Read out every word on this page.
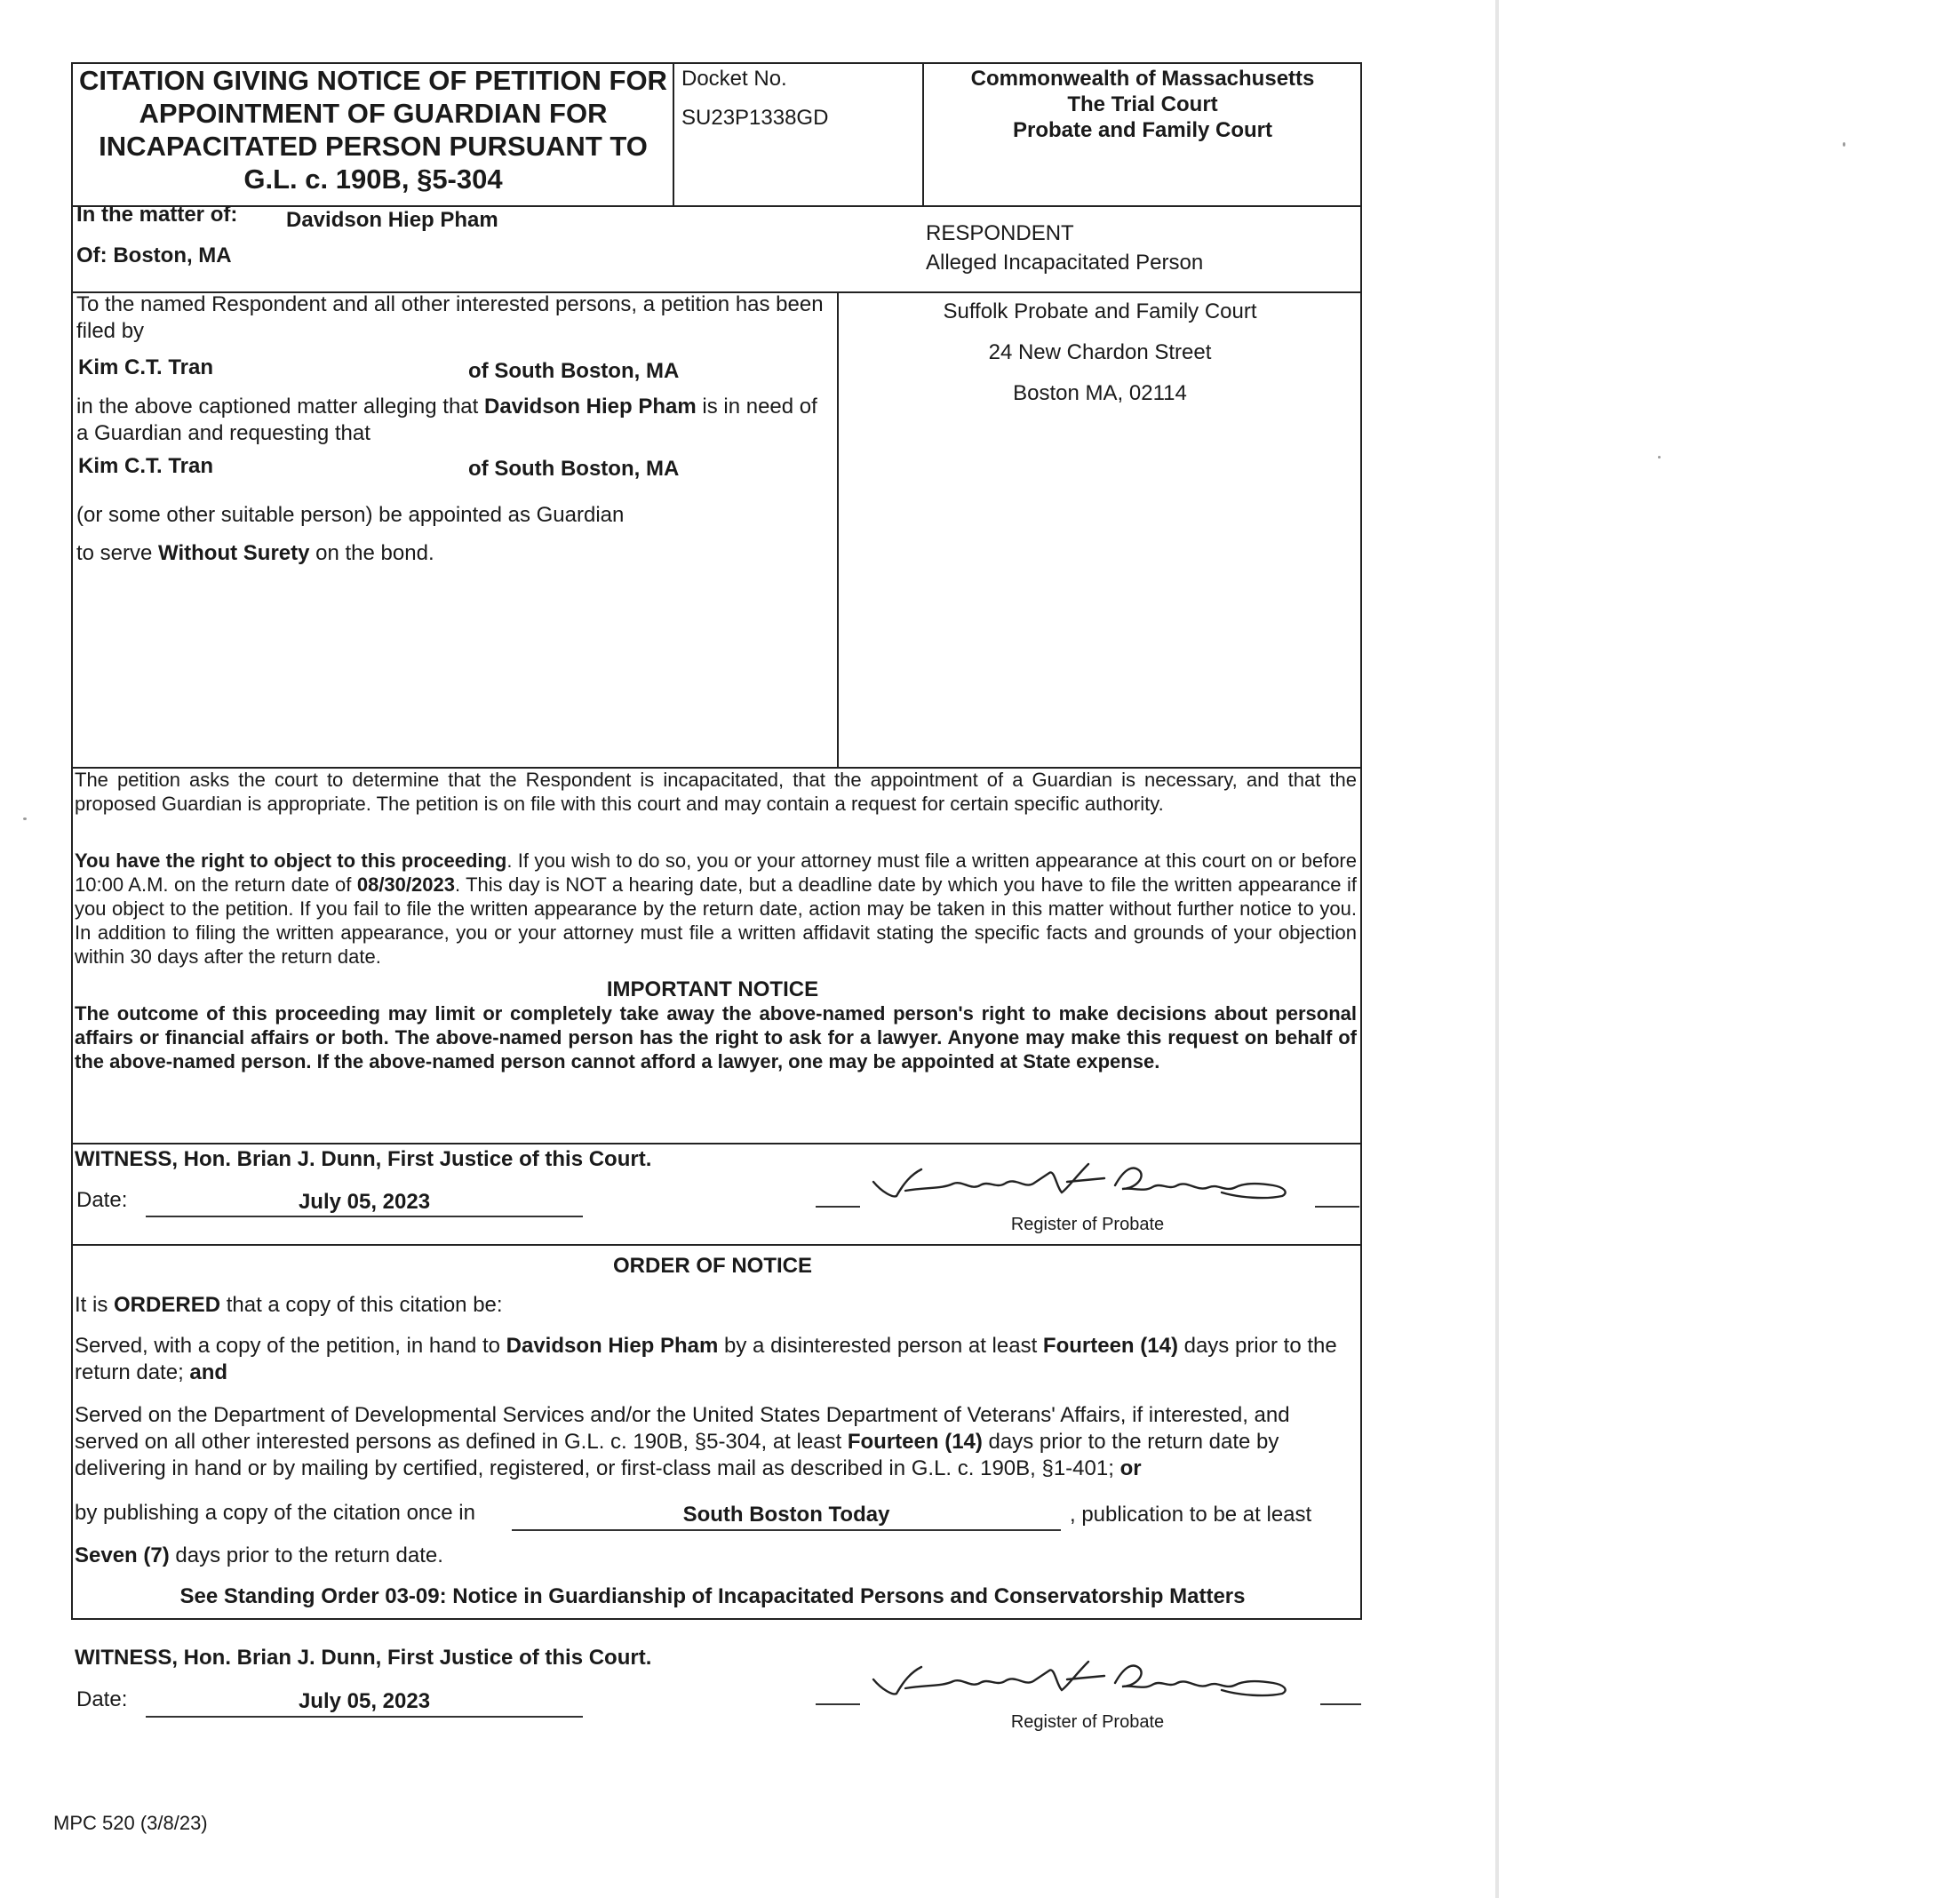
CITATION GIVING NOTICE OF PETITION FOR
APPOINTMENT OF GUARDIAN FOR
INCAPACITATED PERSON PURSUANT TO
G.L. c. 190B, §5-304
Docket No.
SU23P1338GD
Commonwealth of Massachusetts
The Trial Court
Probate and Family Court
In the matter of: Davidson Hiep Pham
Of: Boston, MA
RESPONDENT
Alleged Incapacitated Person
To the named Respondent and all other interested persons, a petition has been filed by
Kim C.T. Tran	of South Boston, MA
in the above captioned matter alleging that Davidson Hiep Pham is in need of a Guardian and requesting that
Kim C.T. Tran	of South Boston, MA
(or some other suitable person) be appointed as Guardian
to serve Without Surety on the bond.
Suffolk Probate and Family Court
24 New Chardon Street
Boston MA, 02114
The petition asks the court to determine that the Respondent is incapacitated, that the appointment of a Guardian is necessary, and that the proposed Guardian is appropriate. The petition is on file with this court and may contain a request for certain specific authority.
You have the right to object to this proceeding. If you wish to do so, you or your attorney must file a written appearance at this court on or before 10:00 A.M. on the return date of 08/30/2023. This day is NOT a hearing date, but a deadline date by which you have to file the written appearance if you object to the petition. If you fail to file the written appearance by the return date, action may be taken in this matter without further notice to you. In addition to filing the written appearance, you or your attorney must file a written affidavit stating the specific facts and grounds of your objection within 30 days after the return date.
IMPORTANT NOTICE
The outcome of this proceeding may limit or completely take away the above-named person's right to make decisions about personal affairs or financial affairs or both. The above-named person has the right to ask for a lawyer. Anyone may make this request on behalf of the above-named person. If the above-named person cannot afford a lawyer, one may be appointed at State expense.
WITNESS, Hon. Brian J. Dunn, First Justice of this Court.
Date:	July 05, 2023
Register of Probate
ORDER OF NOTICE
It is ORDERED that a copy of this citation be:
Served, with a copy of the petition, in hand to Davidson Hiep Pham by a disinterested person at least Fourteen (14) days prior to the return date; and
Served on the Department of Developmental Services and/or the United States Department of Veterans' Affairs, if interested, and served on all other interested persons as defined in G.L. c. 190B, §5-304, at least Fourteen (14) days prior to the return date by delivering in hand or by mailing by certified, registered, or first-class mail as described in G.L. c. 190B, §1-401; or
by publishing a copy of the citation once in	South Boston Today	, publication to be at least
Seven (7) days prior to the return date.
See Standing Order 03-09: Notice in Guardianship of Incapacitated Persons and Conservatorship Matters
WITNESS, Hon. Brian J. Dunn, First Justice of this Court.
Date:	July 05, 2023
Register of Probate
MPC 520 (3/8/23)
